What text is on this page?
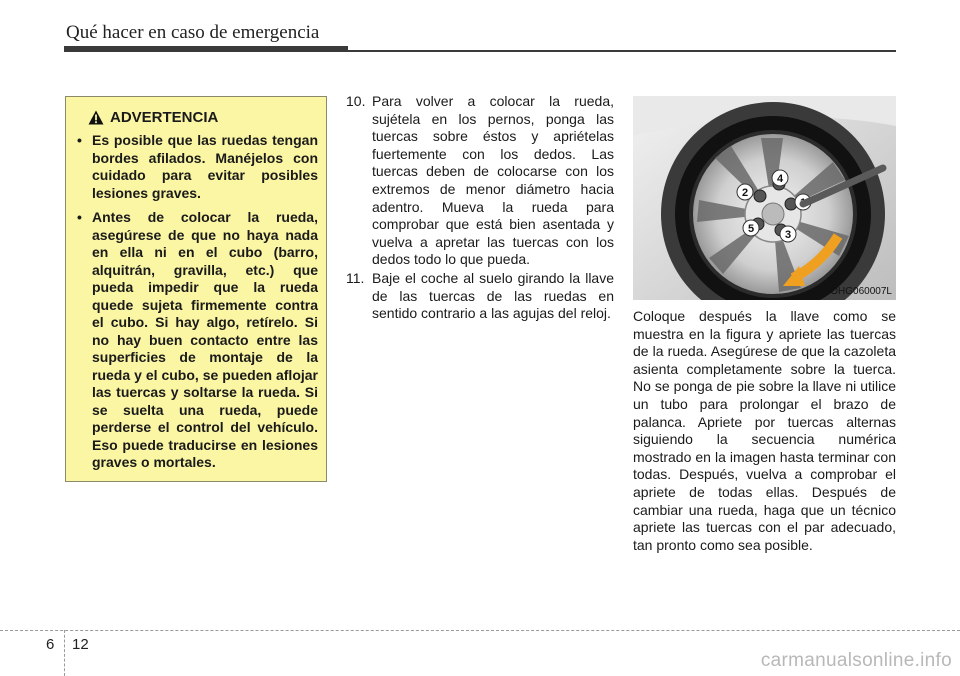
Qué hacer en caso de emergencia
ADVERTENCIA
• Es posible que las ruedas tengan bordes afilados. Manéjelos con cuidado para evitar posibles lesiones graves.
• Antes de colocar la rueda, asegúrese de que no haya nada en ella ni en el cubo (barro, alquitrán, gravilla, etc.) que pueda impedir que la rueda quede sujeta firmemente contra el cubo. Si hay algo, retírelo. Si no hay buen contacto entre las superficies de montaje de la rueda y el cubo, se pueden aflojar las tuercas y soltarse la rueda. Si se suelta una rueda, puede perderse el control del vehículo. Eso puede traducirse en lesiones graves o mortales.
10. Para volver a colocar la rueda, sujétela en los pernos, ponga las tuercas sobre éstos y apriételas fuertemente con los dedos. Las tuercas deben de colocarse con los extremos de menor diámetro hacia adentro. Mueva la rueda para comprobar que está bien asentada y vuelva a apretar las tuercas con los dedos todo lo que pueda.
11. Baje el coche al suelo girando la llave de las tuercas de las ruedas en sentido contrario a las agujas del reloj.
2
3
4
5
OHG060007L
Coloque después la llave como se muestra en la figura y apriete las tuercas de la rueda. Asegúrese de que la cazoleta asienta completamente sobre la tuerca. No se ponga de pie sobre la llave ni utilice un tubo para prolongar el brazo de palanca. Apriete por tuercas alternas siguiendo la secuencia numérica mostrado en la imagen hasta terminar con todas. Después, vuelva a comprobar el apriete de todas ellas. Después de cambiar una rueda, haga que un técnico apriete las tuercas con el par adecuado, tan pronto como sea posible.
6 12
carmanualsonline.info
